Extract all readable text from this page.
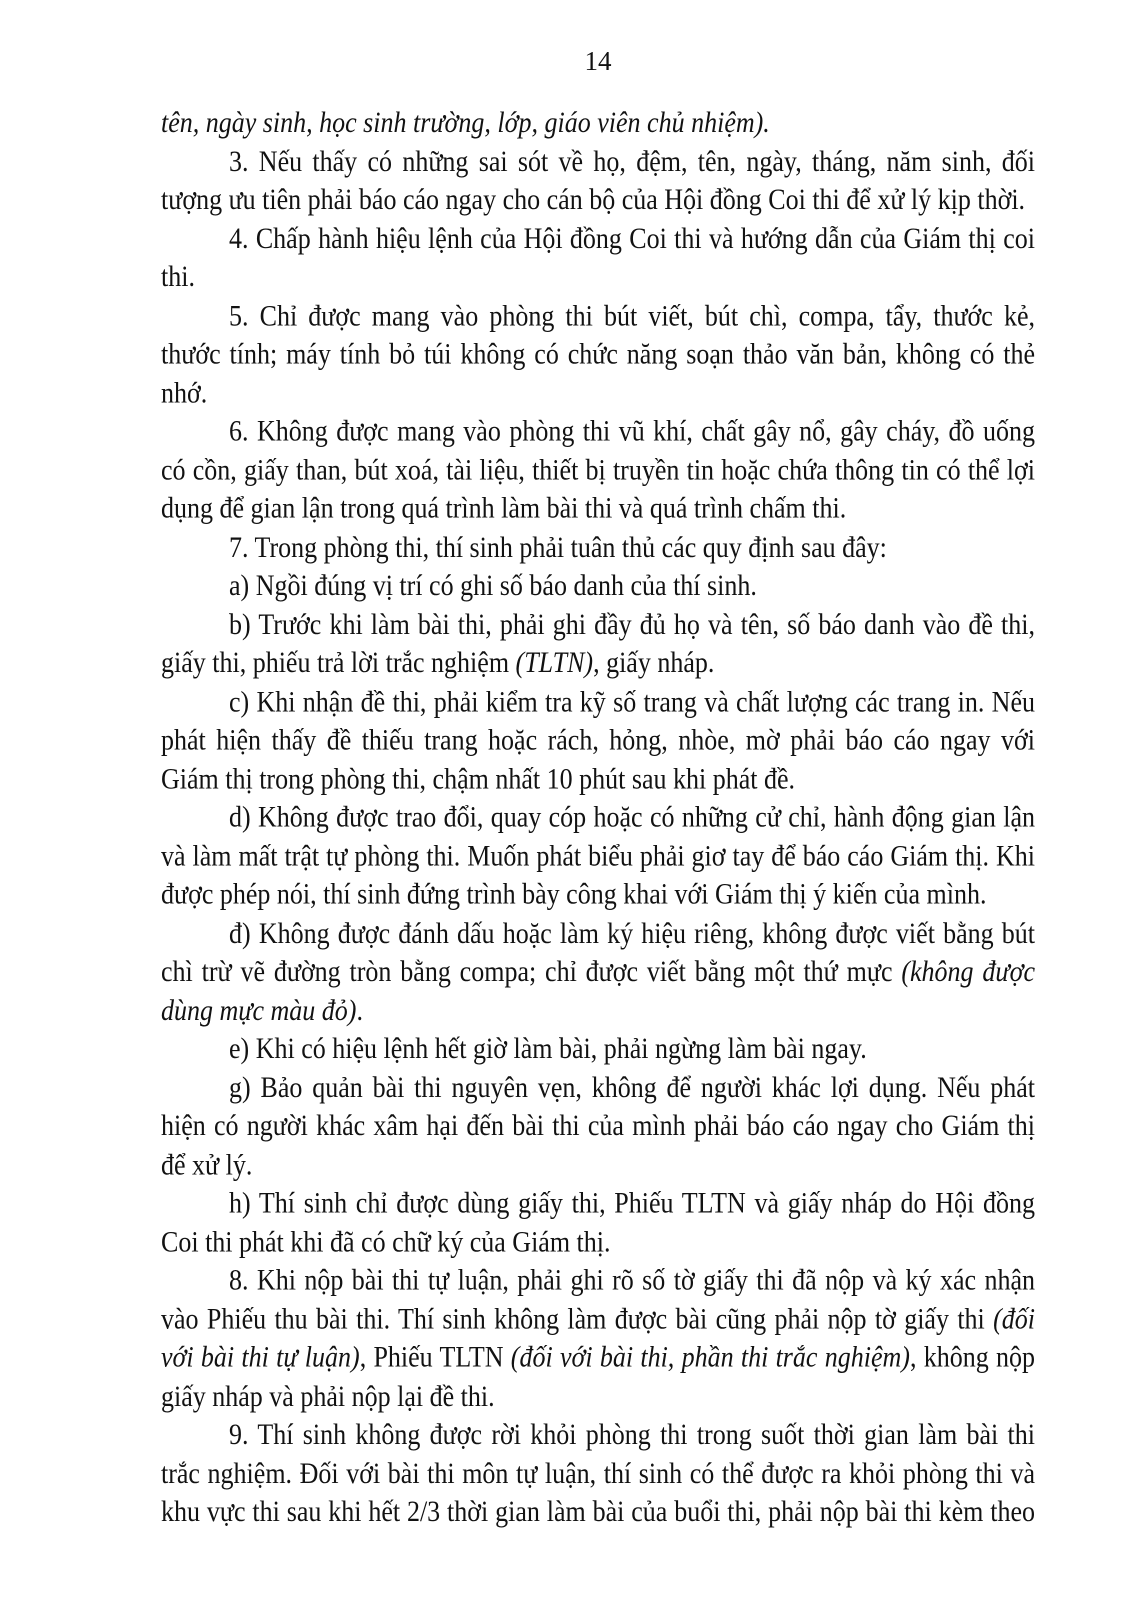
14

tên, ngày sinh, học sinh trường, lớp, giáo viên chủ nhiệm).

3. Nếu thấy có những sai sót về họ, đệm, tên, ngày, tháng, năm sinh, đối tượng ưu tiên phải báo cáo ngay cho cán bộ của Hội đồng Coi thi để xử lý kịp thời.

4. Chấp hành hiệu lệnh của Hội đồng Coi thi và hướng dẫn của Giám thị coi thi.

5. Chỉ được mang vào phòng thi bút viết, bút chì, compa, tẩy, thước kẻ, thước tính; máy tính bỏ túi không có chức năng soạn thảo văn bản, không có thẻ nhớ.

6. Không được mang vào phòng thi vũ khí, chất gây nổ, gây cháy, đồ uống có cồn, giấy than, bút xoá, tài liệu, thiết bị truyền tin hoặc chứa thông tin có thể lợi dụng để gian lận trong quá trình làm bài thi và quá trình chấm thi.

7. Trong phòng thi, thí sinh phải tuân thủ các quy định sau đây:

a) Ngồi đúng vị trí có ghi số báo danh của thí sinh.

b) Trước khi làm bài thi, phải ghi đầy đủ họ và tên, số báo danh vào đề thi, giấy thi, phiếu trả lời trắc nghiệm (TLTN), giấy nháp.

c) Khi nhận đề thi, phải kiểm tra kỹ số trang và chất lượng các trang in. Nếu phát hiện thấy đề thiếu trang hoặc rách, hỏng, nhòe, mờ phải báo cáo ngay với Giám thị trong phòng thi, chậm nhất 10 phút sau khi phát đề.

d) Không được trao đổi, quay cóp hoặc có những cử chỉ, hành động gian lận và làm mất trật tự phòng thi. Muốn phát biểu phải giơ tay để báo cáo Giám thị. Khi được phép nói, thí sinh đứng trình bày công khai với Giám thị ý kiến của mình.

đ) Không được đánh dấu hoặc làm ký hiệu riêng, không được viết bằng bút chì trừ vẽ đường tròn bằng compa; chỉ được viết bằng một thứ mực (không được dùng mực màu đỏ).

e) Khi có hiệu lệnh hết giờ làm bài, phải ngừng làm bài ngay.

g) Bảo quản bài thi nguyên vẹn, không để người khác lợi dụng. Nếu phát hiện có người khác xâm hại đến bài thi của mình phải báo cáo ngay cho Giám thị để xử lý.

h) Thí sinh chỉ được dùng giấy thi, Phiếu TLTN và giấy nháp do Hội đồng Coi thi phát khi đã có chữ ký của Giám thị.

8. Khi nộp bài thi tự luận, phải ghi rõ số tờ giấy thi đã nộp và ký xác nhận vào Phiếu thu bài thi. Thí sinh không làm được bài cũng phải nộp tờ giấy thi (đối với bài thi tự luận), Phiếu TLTN (đối với bài thi, phần thi trắc nghiệm), không nộp giấy nháp và phải nộp lại đề thi.

9. Thí sinh không được rời khỏi phòng thi trong suốt thời gian làm bài thi trắc nghiệm. Đối với bài thi môn tự luận, thí sinh có thể được ra khỏi phòng thi và khu vực thi sau khi hết 2/3 thời gian làm bài của buổi thi, phải nộp bài thi kèm theo
